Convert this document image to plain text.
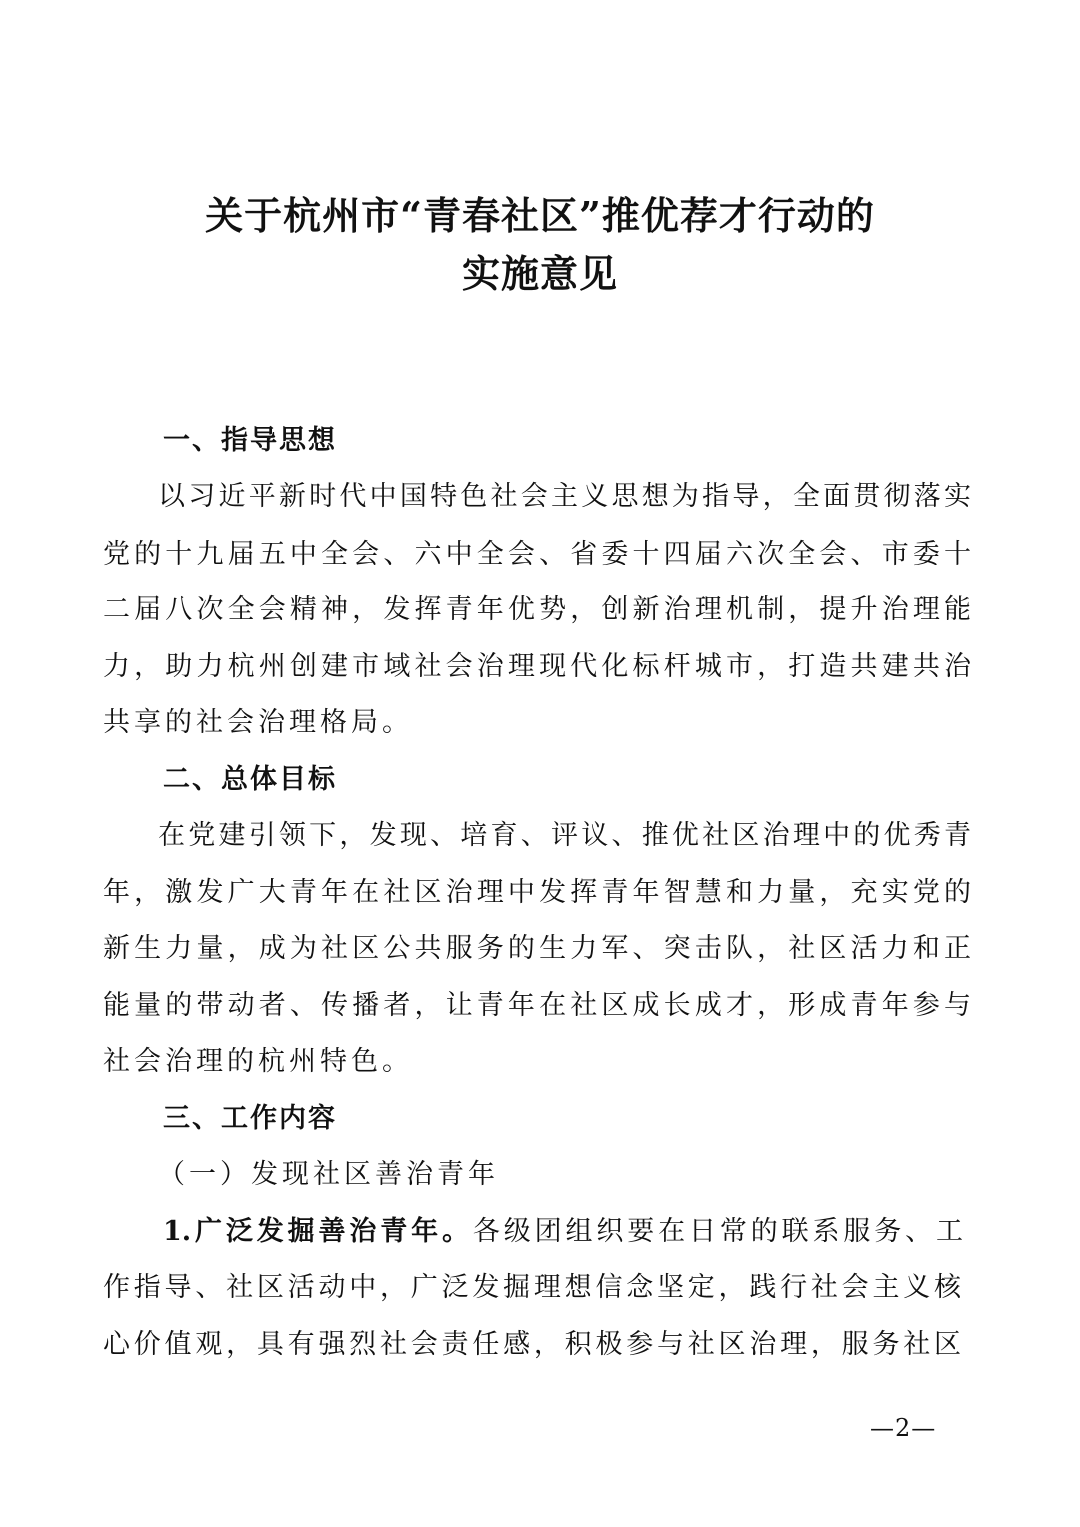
关于杭州市“青春社区”推优荐才行动的
实施意见
一、指导思想
以习近平新时代中国特色社会主义思想为指导，全面贯彻落实
党的十九届五中全会、六中全会、省委十四届六次全会、市委十
二届八次全会精神，发挥青年优势，创新治理机制，提升治理能
力，助力杭州创建市域社会治理现代化标杆城市，打造共建共治
共享的社会治理格局。
二、总体目标
在党建引领下，发现、培育、评议、推优社区治理中的优秀青
年，激发广大青年在社区治理中发挥青年智慧和力量，充实党的
新生力量，成为社区公共服务的生力军、突击队，社区活力和正
能量的带动者、传播者，让青年在社区成长成才，形成青年参与
社会治理的杭州特色。
三、工作内容
（一）发现社区善治青年
1.广泛发掘善治青年。各级团组织要在日常的联系服务、工
作指导、社区活动中，广泛发掘理想信念坚定，践行社会主义核
心价值观，具有强烈社会责任感，积极参与社区治理，服务社区
—2—
